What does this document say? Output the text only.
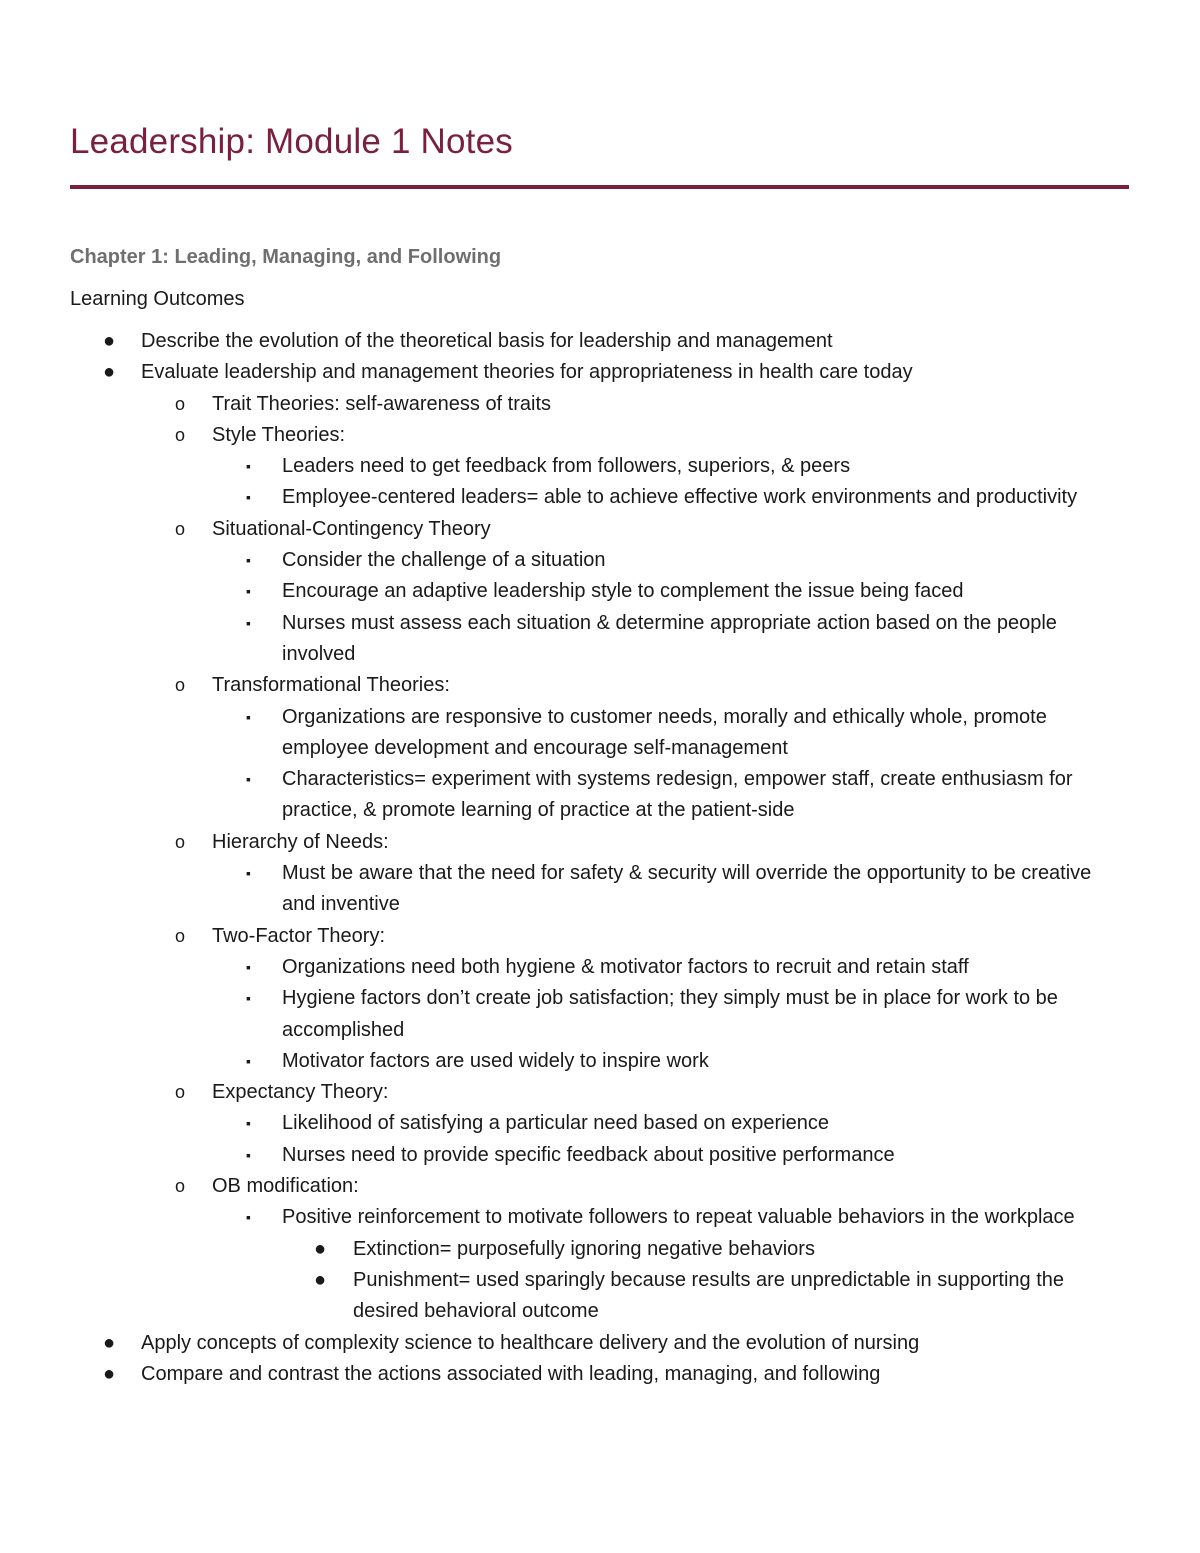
Leadership: Module 1 Notes
Chapter 1: Leading, Managing, and Following
Learning Outcomes
● Describe the evolution of the theoretical basis for leadership and management
● Evaluate leadership and management theories for appropriateness in health care today
o Trait Theories: self-awareness of traits
o Style Theories:
▪ Leaders need to get feedback from followers, superiors, & peers
▪ Employee-centered leaders= able to achieve effective work environments and productivity
o Situational-Contingency Theory
▪ Consider the challenge of a situation
▪ Encourage an adaptive leadership style to complement the issue being faced
▪ Nurses must assess each situation & determine appropriate action based on the people involved
o Transformational Theories:
▪ Organizations are responsive to customer needs, morally and ethically whole, promote employee development and encourage self-management
▪ Characteristics= experiment with systems redesign, empower staff, create enthusiasm for practice, & promote learning of practice at the patient-side
o Hierarchy of Needs:
▪ Must be aware that the need for safety & security will override the opportunity to be creative and inventive
o Two-Factor Theory:
▪ Organizations need both hygiene & motivator factors to recruit and retain staff
▪ Hygiene factors don’t create job satisfaction; they simply must be in place for work to be accomplished
▪ Motivator factors are used widely to inspire work
o Expectancy Theory:
▪ Likelihood of satisfying a particular need based on experience
▪ Nurses need to provide specific feedback about positive performance
o OB modification:
▪ Positive reinforcement to motivate followers to repeat valuable behaviors in the workplace
● Extinction= purposefully ignoring negative behaviors
● Punishment= used sparingly because results are unpredictable in supporting the desired behavioral outcome
● Apply concepts of complexity science to healthcare delivery and the evolution of nursing
● Compare and contrast the actions associated with leading, managing, and following
